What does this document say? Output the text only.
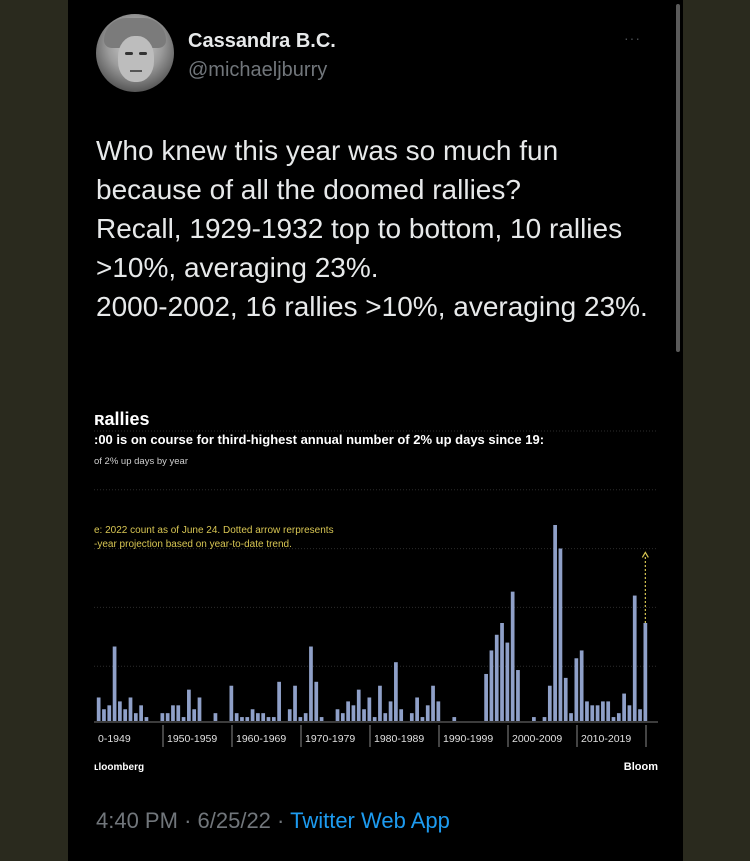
Cassandra B.C.
@michaeljburry
···
Who knew this year was so much fun because of all the doomed rallies?
Recall, 1929-1932 top to bottom, 10 rallies >10%, averaging 23%.
2000-2002, 16 rallies >10%, averaging 23%.
0-1949	1950-1959 1960-1969 1970-1979 1980-1989 1990-1999 2000-2009 2010-2019
ʀallies
:00 is on course for third-highest annual number of 2% up days since 19:
of 2% up days by year
e: 2022 count as of June 24. Dotted arrow rerpresents
-year projection based on year-to-date trend.
ʟloomberg	Bloom
4:40 PM · 6/25/22 · Twitter Web App
